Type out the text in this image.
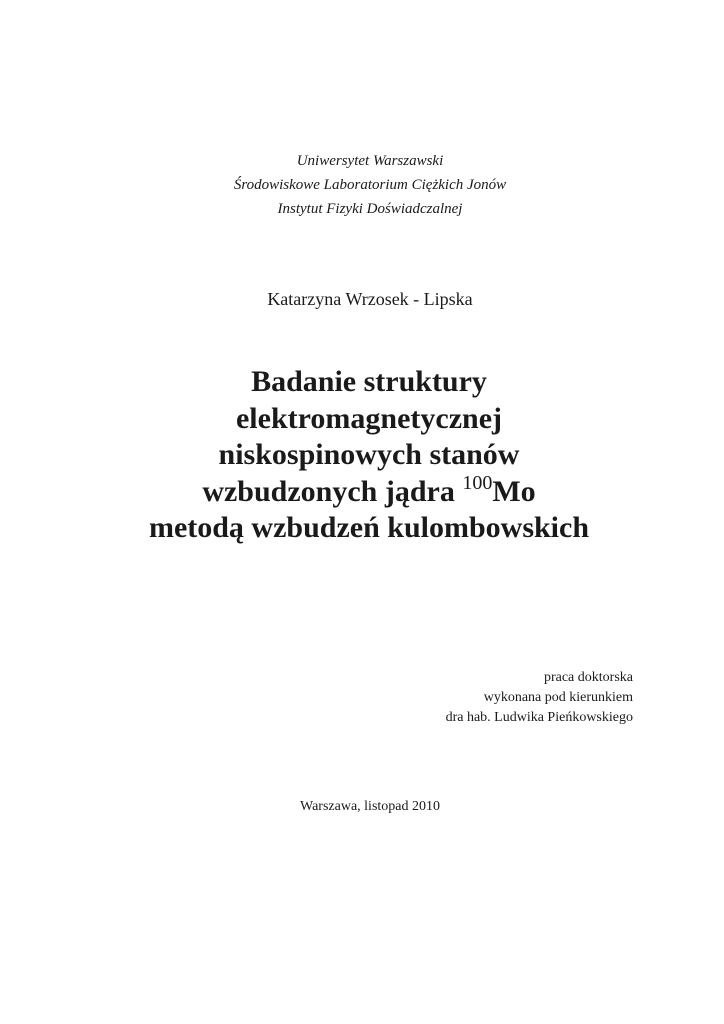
Uniwersytet Warszawski
Środowiskowe Laboratorium Ciężkich Jonów
Instytut Fizyki Doświadczalnej
Katarzyna Wrzosek - Lipska
Badanie struktury
elektromagnetycznej
niskospinowych stanów
wzbudzonych jądra $^{100}$Mo
metodą wzbudzeń kulombowskich
praca doktorska
wykonana pod kierunkiem
dra hab. Ludwika Pieńkowskiego
Warszawa, listopad 2010
